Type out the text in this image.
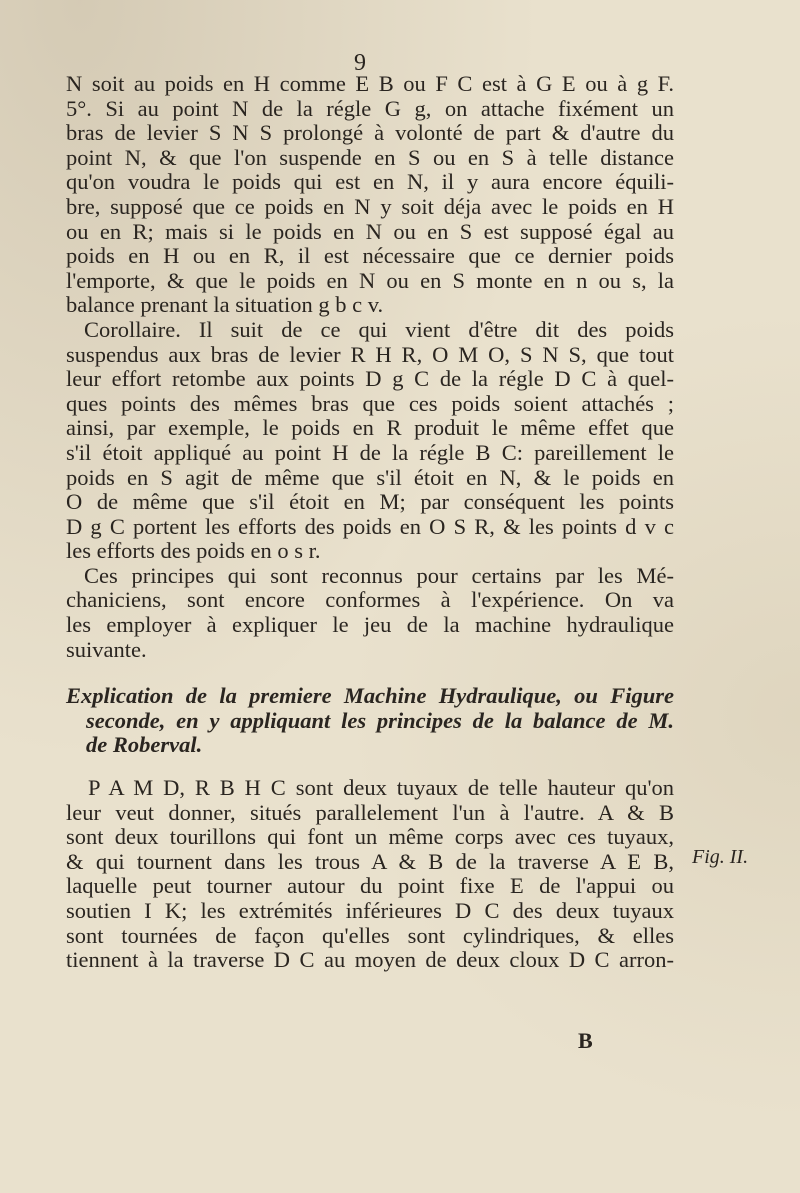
9
N soit au poids en H comme E B ou F C est à G E ou à g F.
5°. Si au point N de la régle G g, on attache fixément un
bras de levier S N S prolongé à volonté de part & d'autre du
point N, & que l'on suspende en S ou en S à telle distance
qu'on voudra le poids qui est en N, il y aura encore équili-
bre, supposé que ce poids en N y soit déja avec le poids en H
ou en R; mais si le poids en N ou en S est supposé égal au
poids en H ou en R, il est nécessaire que ce dernier poids
l'emporte, & que le poids en N ou en S monte en n ou s, la
balance prenant la situation g b c v.
Corollaire. Il suit de ce qui vient d'être dit des poids
suspendus aux bras de levier R H R, O M O, S N S, que tout
leur effort retombe aux points D g C de la régle D C à quel-
ques points des mêmes bras que ces poids soient attachés ;
ainsi, par exemple, le poids en R produit le même effet que
s'il étoit appliqué au point H de la régle B C: pareillement le
poids en S agit de même que s'il étoit en N, & le poids en
O de même que s'il étoit en M; par conséquent les points
D g C portent les efforts des poids en O S R, & les points d v c
les efforts des poids en o s r.
Ces principes qui sont reconnus pour certains par les Mé-
chaniciens, sont encore conformes à l'expérience. On va
les employer à expliquer le jeu de la machine hydraulique
suivante.
Explication de la premiere Machine Hydraulique, ou Figure
seconde, en y appliquant les principes de la balance de M.
de Roberval.
P A M D, R B H C sont deux tuyaux de telle hauteur qu'on
leur veut donner, situés parallelement l'un à l'autre. A & B
sont deux tourillons qui font un même corps avec ces tuyaux,
& qui tournent dans les trous A & B de la traverse A E B,
laquelle peut tourner autour du point fixe E de l'appui ou
soutien I K; les extrémités inférieures D C des deux tuyaux
sont tournées de façon qu'elles sont cylindriques, & elles
tiennent à la traverse D C au moyen de deux cloux D C arron-
Fig. II.
B
